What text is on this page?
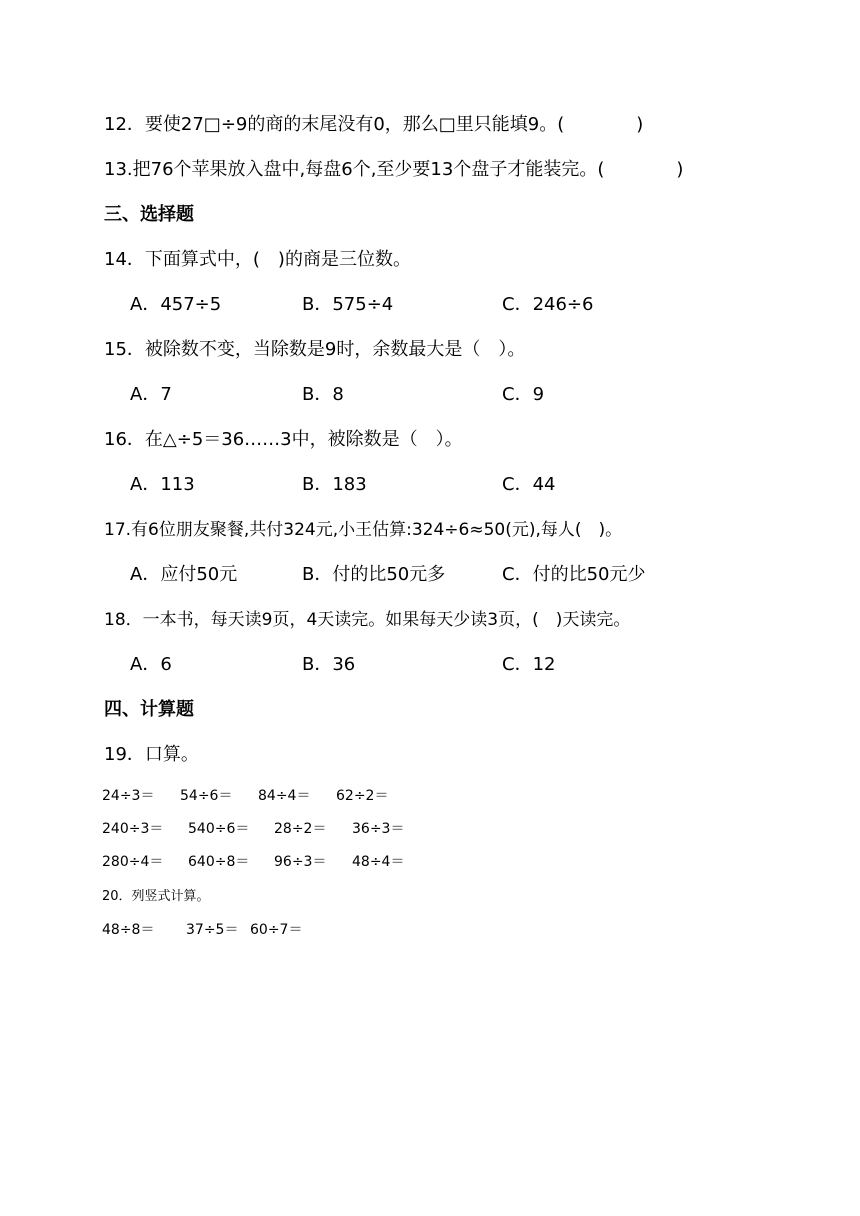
12．要使27□÷9的商的末尾没有0，那么□里只能填9。(　　　　)
13.把76个苹果放入盘中,每盘6个,至少要13个盘子才能装完。(　　　　)
三、选择题
14．下面算式中，(　)的商是三位数。
A．457÷5	B．575÷4	C．246÷6
15．被除数不变，当除数是9时，余数最大是（　）。
A．7	B．8	C．9
16．在△÷5＝36……3中，被除数是（　）。
A．113	B．183	C．44
17.有6位朋友聚餐,共付324元,小王估算:324÷6≈50(元),每人(　)。
A．应付50元	B．付的比50元多	C．付的比50元少
18．一本书，每天读9页，4天读完。如果每天少读3页，(　)天读完。
A．6	B．36	C．12
四、计算题
19．口算。
24÷3＝ 54÷6＝ 84÷4＝ 62÷2＝
240÷3＝ 540÷6＝ 28÷2＝ 36÷3＝
280÷4＝ 640÷8＝ 96÷3＝ 48÷4＝
20．列竖式计算。
48÷8＝ 37÷5＝ 60÷7＝
